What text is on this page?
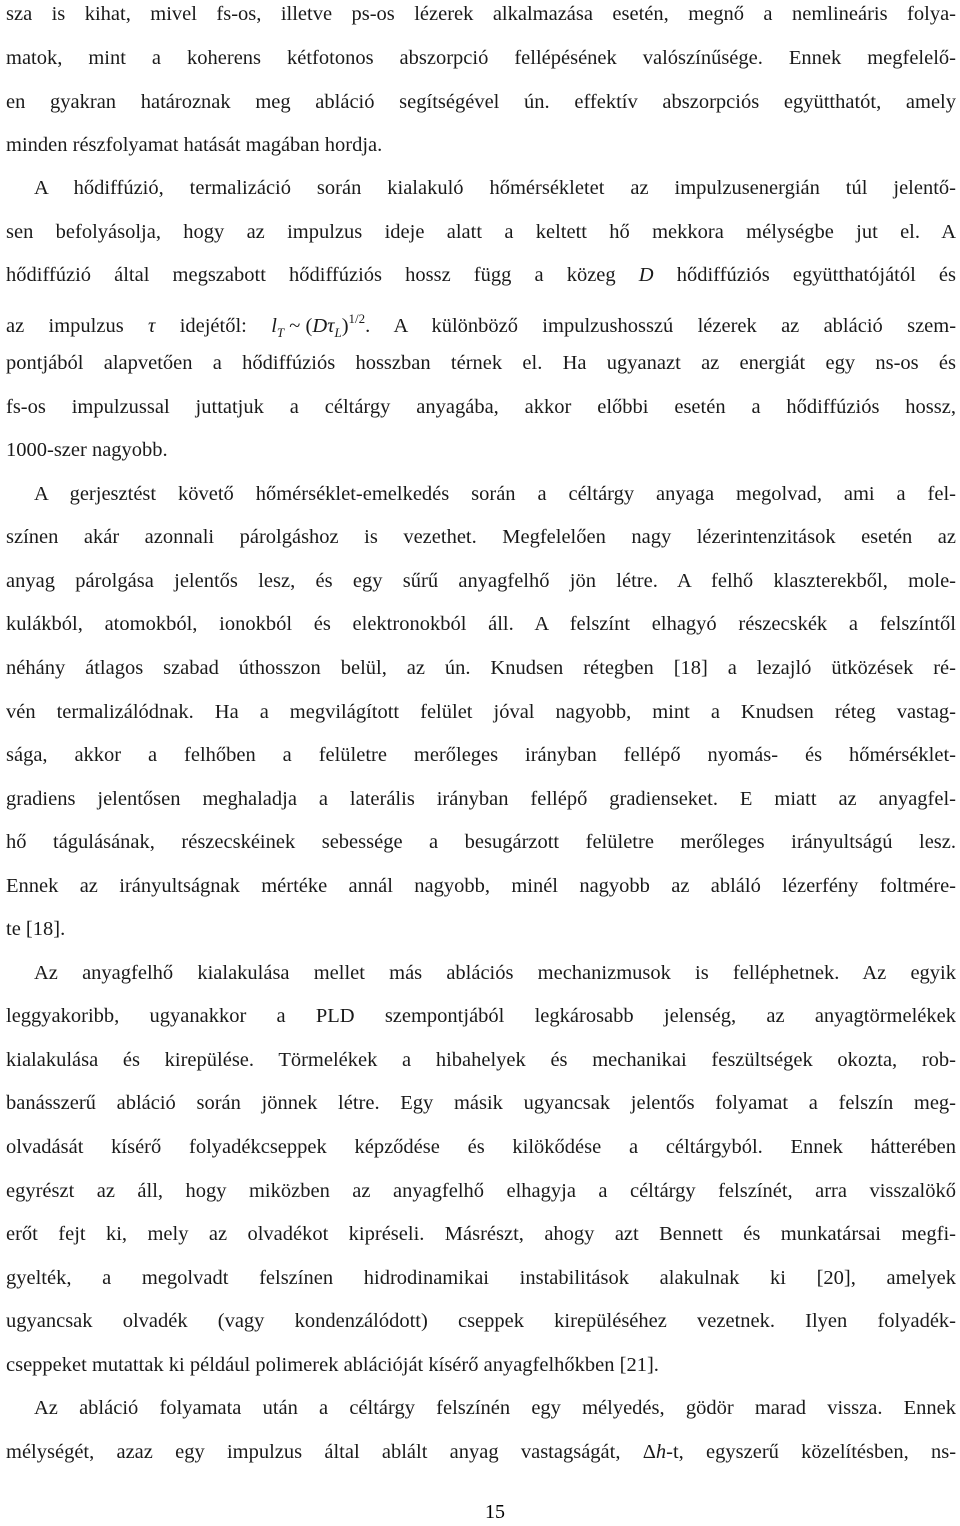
sza is kihat, mivel fs-os, illetve ps-os lézerek alkalmazása esetén, megnő a nemlineáris folya-
matok, mint a koherens kétfotonos abszorpció fellépésének valószínűsége. Ennek megfelelő-
en gyakran határoznak meg abláció segítségével ún. effektív abszorpciós együtthatót, amely
minden részfolyamat hatását magában hordja.
A hődiffúzió, termalizáció során kialakuló hőmérsékletet az impulzusenergián túl jelentő-
sen befolyásolja, hogy az impulzus ideje alatt a keltett hő mekkora mélységbe jut el. A
hődiffúzió által megszabott hődiffúziós hossz függ a közeg D hődiffúziós együtthatójától és
az impulzus τ idejétől: $l_T$ ~ $(D\tau_L)^{1/2}$. A különböző impulzushosszú lézerek az abláció szem-
pontjából alapvetően a hődiffúziós hosszban térnek el. Ha ugyanazt az energiát egy ns-os és
fs-os impulzussal juttatjuk a céltárgy anyagába, akkor előbbi esetén a hődiffúziós hossz,
1000-szer nagyobb.
A gerjesztést követő hőmérséklet-emelkedés során a céltárgy anyaga megolvad, ami a fel-
színen akár azonnali párolgáshoz is vezethet. Megfelelően nagy lézerintenzitások esetén az
anyag párolgása jelentős lesz, és egy sűrű anyagfelhő jön létre. A felhő klaszterekből, mole-
kulákból, atomokból, ionokból és elektronokból áll. A felszínt elhagyó részecskék a felszíntől
néhány átlagos szabad úthosszon belül, az ún. Knudsen rétegben [18] a lezajló ütközések ré-
vén termalizálódnak. Ha a megvilágított felület jóval nagyobb, mint a Knudsen réteg vastag-
sága, akkor a felhőben a felületre merőleges irányban fellépő nyomás- és hőmérséklet-
gradiens jelentősen meghaladja a laterális irányban fellépő gradienseket. E miatt az anyagfel-
hő tágulásának, részecskéinek sebessége a besugárzott felületre merőleges irányultságú lesz.
Ennek az irányultságnak mértéke annál nagyobb, minél nagyobb az abláló lézerfény foltmére-
te [18].
Az anyagfelhő kialakulása mellet más ablációs mechanizmusok is felléphetnek. Az egyik
leggyakoribb, ugyanakkor a PLD szempontjából legkárosabb jelenség, az anyagtörmelékek
kialakulása és kirepülése. Törmelékek a hibahelyek és mechanikai feszültségek okozta, rob-
banásszerű abláció során jönnek létre. Egy másik ugyancsak jelentős folyamat a felszín meg-
olvadását kísérő folyadékcseppek képződése és kilökődése a céltárgyból. Ennek hátterében
egyrészt az áll, hogy miközben az anyagfelhő elhagyja a céltárgy felszínét, arra visszalökő
erőt fejt ki, mely az olvadékot kipréseli. Másrészt, ahogy azt Bennett és munkatársai megfi-
gyelték, a megolvadt felszínen hidrodinamikai instabilitások alakulnak ki [20], amelyek
ugyancsak olvadék (vagy kondenzálódott) cseppek kirepüléséhez vezetnek. Ilyen folyadék-
cseppeket mutattak ki például polimerek ablációját kísérő anyagfelhőkben [21].
Az abláció folyamata után a céltárgy felszínén egy mélyedés, gödör marad vissza. Ennek
mélységét, azaz egy impulzus által ablált anyag vastagságát, Δh-t, egyszerű közelítésben, ns-
15
